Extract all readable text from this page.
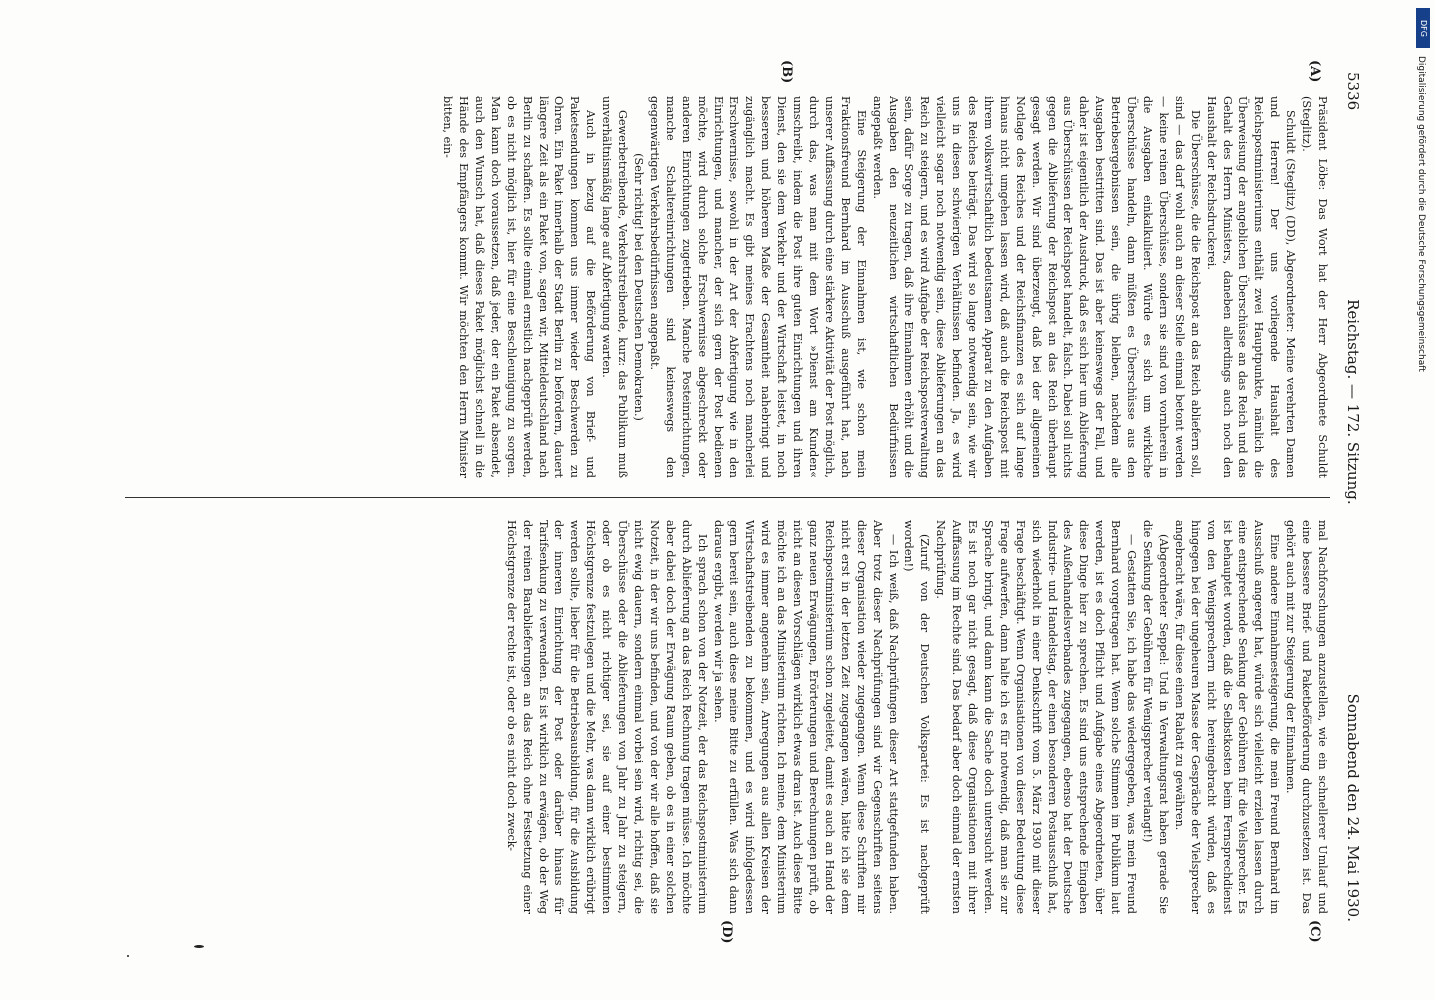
5336
Reichstag. — 172. Sitzung.
Sonnabend den 24. Mai 1930.
(A)
(B)
(C)
(D)

Präsident Löbe: Das Wort hat der Herr Abgeordnete Schuldt (Steglitz).

Schuldt (Steglitz) (DD), Abgeordneter: Meine verehrten Damen und Herren! Der uns vorliegende Haushalt des Reichspostministeriums enthält zwei Hauptpunkte, nämlich die Überweisung der angeblichen Überschüsse an das Reich und das Gehalt des Herrn Ministers, daneben allerdings auch noch den Haushalt der Reichsdruckerei.

Die Überschüsse, die die Reichspost an das Reich abliefern soll, sind — das darf wohl auch an dieser Stelle einmal betont werden — keine reinen Überschüsse, sondern sie sind von vornherein in die Ausgaben einkalkuliert. Würde es sich um wirkliche Überschüsse handeln, dann müßten es Überschüsse aus den Betriebsergebnissen sein, die übrig bleiben, nachdem alle Ausgaben bestritten sind. Das ist aber keineswegs der Fall, und daher ist eigentlich der Ausdruck, daß es sich hier um Ablieferung aus Überschüssen der Reichspost handelt, falsch. Dabei soll nichts gegen die Ablieferung der Reichspost an das Reich überhaupt gesagt werden. Wir sind überzeugt, daß bei der allgemeinen Notlage des Reiches und der Reichsfinanzen es sich auf lange hinaus nicht umgehen lassen wird, daß auch die Reichspost mit ihrem volkswirtschaftlich bedeutsamen Apparat zu den Aufgaben des Reiches beiträgt. Das wird so lange notwendig sein, wie wir uns in diesen schwierigen Verhältnissen befinden. Ja, es wird vielleicht sogar noch notwendig sein, diese Ablieferungen an das Reich zu steigern, und es wird Aufgabe der Reichspostverwaltung sein, dafür Sorge zu tragen, daß ihre Einnahmen erhöht und die Ausgaben den neuzeitlichen wirtschaftlichen Bedürfnissen angepaßt werden.

Eine Steigerung der Einnahmen ist, wie schon mein Fraktionsfreund Bernhard im Ausschuß ausgeführt hat, nach unserer Auffassung durch eine stärkere Aktivität der Post möglich, durch das, was man mit dem Wort »Dienst am Kunden« umschreibt, indem die Post ihre guten Einrichtungen und ihren Dienst, den sie dem Verkehr und der Wirtschaft leistet, in noch besserem und höherem Maße der Gesamtheit nahebringt und zugänglich macht. Es gibt meines Erachtens noch mancherlei Erschwernisse, sowohl in der Art der Abfertigung wie in den Einrichtungen, und mancher, der sich gern der Post bedienen möchte, wird durch solche Erschwernisse abgeschreckt oder anderen Einrichtungen zugetrieben. Manche Posteinrichtungen, manche Schaltereinrichtungen sind keineswegs den gegenwärtigen Verkehrsbedürfnissen angepaßt.

(Sehr richtig! bei den Deutschen Demokraten.)

Gewerbetreibende, Verkehrstreibende, kurz: das Publikum muß unverhältnismäßig lange auf Abfertigung warten.

Auch in bezug auf die Beförderung von Brief- und Paketsendungen kommen uns immer wieder Beschwerden zu Ohren. Ein Paket innerhalb der Stadt Berlin zu befördern, dauert längere Zeit als ein Paket von, sagen wir, Mitteldeutschland nach Berlin zu schaffen. Es sollte einmal ernstlich nachgeprüft werden, ob es nicht möglich ist, hier für eine Beschleunigung zu sorgen. Man kann doch voraussetzen, daß jeder, der ein Paket absendet, auch den Wunsch hat, daß dieses Paket möglichst schnell in die Hände des Empfängers kommt. Wir möchten den Herrn Minister bitten, ein-

mal Nachforschungen anzustellen, wie ein schnellerer Umlauf und eine bessere Brief- und Paketbeförderung durchzusetzen ist. Das gehört auch mit zur Steigerung der Einnahmen.

Eine andere Einnahmesteigerung, die mein Freund Bernhard im Ausschuß angeregt hat, würde sich vielleicht erzielen lassen durch eine entsprechende Senkung der Gebühren für die Vielsprecher. Es ist behauptet worden, daß die Selbstkosten beim Fernsprechdienst von den Wenigsprechern nicht hereingebracht würden, daß es hingegen bei der ungeheuren Masse der Gespräche der Vielsprecher angebracht wäre, für diese einen Rabatt zu gewähren.

(Abgeordneter Seppel: Und in Verwaltungsrat haben gerade Sie die Senkung der Gebühren für Wenigsprecher verlangt!)

— Gestatten Sie, ich habe das wiedergegeben, was mein Freund Bernhard vorgetragen hat. Wenn solche Stimmen im Publikum laut werden, ist es doch Pflicht und Aufgabe eines Abgeordneten, über diese Dinge hier zu sprechen. Es sind uns entsprechende Eingaben des Außenhandelsverbandes zugegangen, ebenso hat der Deutsche Industrie- und Handelstag, der einen besonderen Postausschuß hat, sich wiederholt in einer Denkschrift vom 5. März 1930 mit dieser Frage beschäftigt. Wenn Organisationen von dieser Bedeutung diese Frage aufwerfen, dann halte ich es für notwendig, daß man sie zur Sprache bringt, und dann kann die Sache doch untersucht werden. Es ist noch gar nicht gesagt, daß diese Organisationen mit ihrer Auffassung im Rechte sind. Das bedarf aber doch einmal der ernsten Nachprüfung.

(Zuruf von der Deutschen Volkspartei: Es ist nachgeprüft worden!)

— Ich weiß, daß Nachprüfungen dieser Art stattgefunden haben. Aber trotz dieser Nachprüfungen sind wir Gegenschriften seitens dieser Organisation wieder zugegangen. Wenn diese Schriften mir nicht erst in der letzten Zeit zugegangen wären, hätte ich sie dem Reichspostministerium schon zugeleitet, damit es auch an Hand der ganz neuen Erwägungen, Erörterungen und Berechnungen prüft, ob nicht an diesen Vorschlägen wirklich etwas dran ist. Auch diese Bitte möchte ich an das Ministerium richten. Ich meine, dem Ministerium wird es immer angenehm sein, Anregungen aus allen Kreisen der Wirtschaftstreibenden zu bekommen, und es wird infolgedessen gern bereit sein, auch diese meine Bitte zu erfüllen. Was sich dann daraus ergibt, werden wir ja sehen.

Ich sprach schon von der Notzeit, der das Reichspostministerium durch Ablieferung an das Reich Rechnung tragen müsse. Ich möchte aber dabei doch der Erwägung Raum geben, ob es in einer solchen Notzeit, in der wir uns befinden, und von der wir alle hoffen, daß sie nicht ewig dauern, sondern einmal vorbei sein wird, richtig sei, die Überschüsse oder die Ablieferungen von Jahr zu Jahr zu steigern, oder ob es nicht richtiger sei, sie auf einer bestimmten Höchstgrenze festzulegen und die Mehr, was dann wirklich erübrigt werden sollte, lieber für die Betriebsausbildung, für die Ausbildung der inneren Einrichtung der Post oder darüber hinaus für Tarifsenkung zu verwenden. Es ist wirklich zu erwägen, ob der Weg der reinen Barablieferungen an das Reich ohne Festsetzung einer Höchstgrenze der rechte ist, oder ob es nicht doch zweck-

DFG
Digitalisierung gefördert durch die Deutsche Forschungsgemeinschaft
